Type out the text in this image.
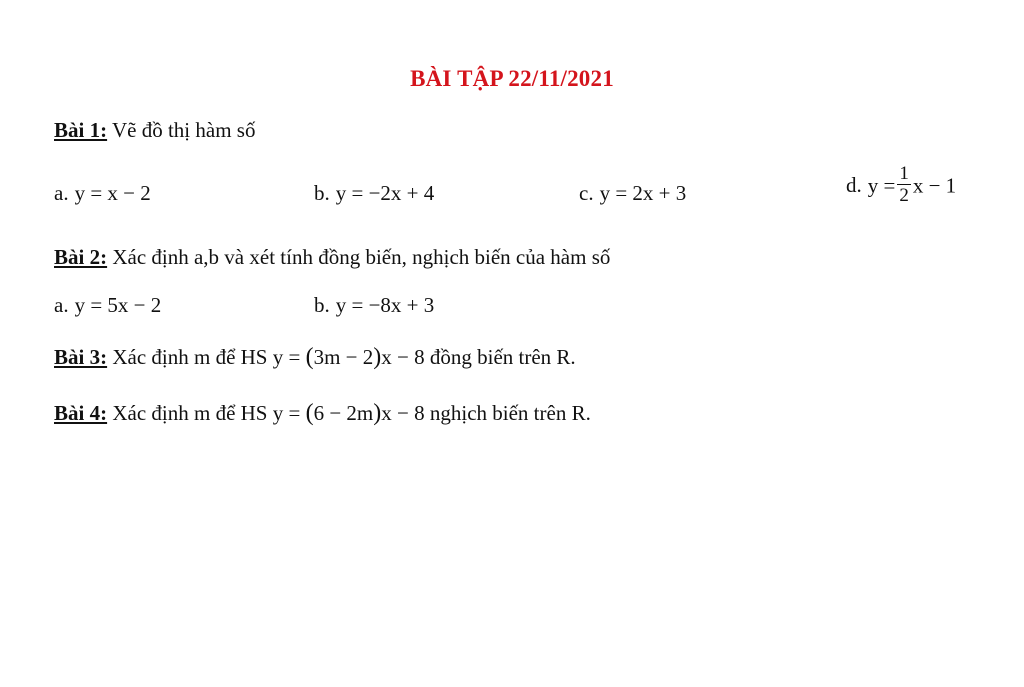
BÀI TẬP 22/11/2021
Bài 1: Vẽ đồ thị hàm số
a. y = x − 2	b. y = −2x + 4	c. y = 2x + 3	d. $y = \frac{1}{2}$ x − 1
Bài 2: Xác định a,b và xét tính đồng biến, nghịch biến của hàm số
a. y = 5x − 2	b. y = −8x + 3
Bài 3: Xác định m để HS y = (3m − 2)x − 8 đồng biến trên R.
Bài 4: Xác định m để HS y = (6 − 2m)x − 8 nghịch biến trên R.
